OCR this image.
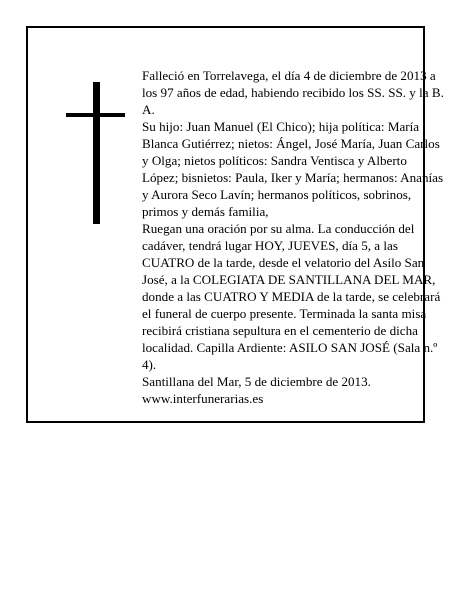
Falleció en Torrelavega, el día 4 de diciembre de 2013 a los 97 años de edad, habiendo recibido los SS. SS. y la B. A.

Su hijo: Juan Manuel (El Chico); hija política: María Blanca Gutiérrez; nietos: Ángel, José María, Juan Carlos y Olga; nietos políticos: Sandra Ventisca y Alberto López; bisnietos: Paula, Iker y María; hermanos: Ananías y Aurora Seco Lavín; hermanos políticos, sobrinos, primos y demás familia,

Ruegan una oración por su alma. La conducción del cadáver, tendrá lugar HOY, JUEVES, día 5, a las CUATRO de la tarde, desde el velatorio del Asilo San José, a la COLEGIATA DE SANTILLANA DEL MAR, donde a las CUATRO Y MEDIA de la tarde, se celebrará el funeral de cuerpo presente. Terminada la santa misa recibirá cristiana sepultura en el cementerio de dicha localidad. Capilla Ardiente: ASILO SAN JOSÉ (Sala n.º 4).

Santillana del Mar, 5 de diciembre de 2013.

www.interfunerarias.es
